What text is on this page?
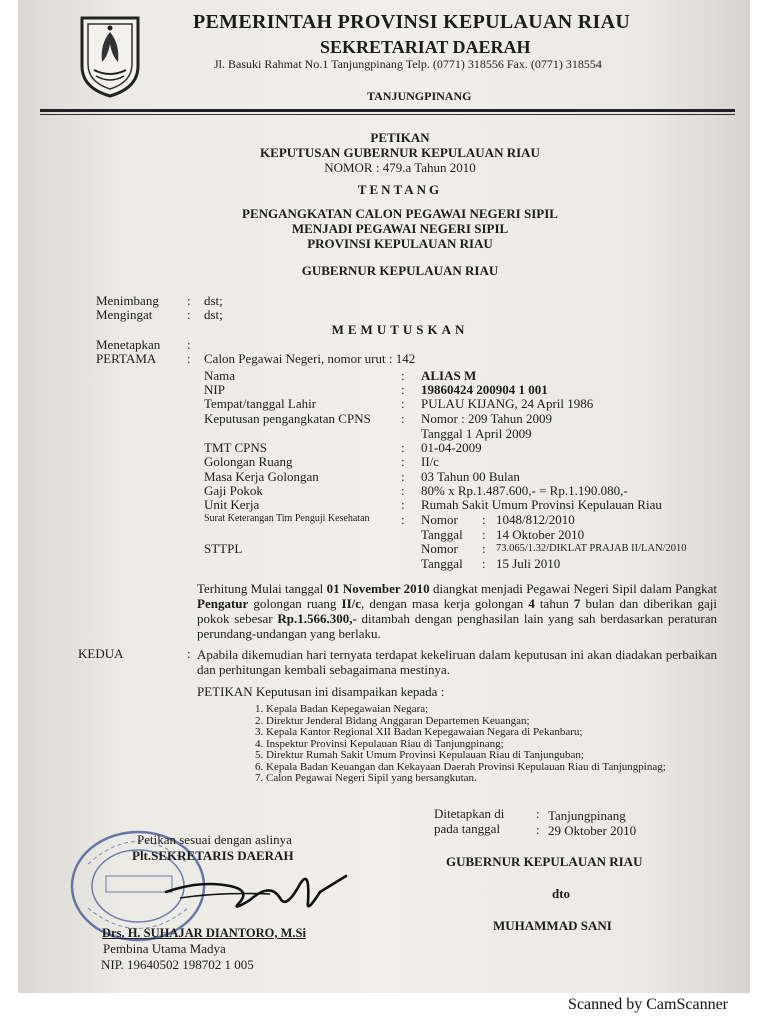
PEMERINTAH PROVINSI KEPULAUAN RIAU
SEKRETARIAT DAERAH
Jl. Basuki Rahmat No.1 Tanjungpinang Telp. (0771) 318556 Fax. (0771) 318554
TANJUNGPINANG
PETIKAN
KEPUTUSAN GUBERNUR KEPULAUAN RIAU
NOMOR : 479.a Tahun 2010
TENTANG
PENGANGKATAN CALON PEGAWAI NEGERI SIPIL
MENJADI PEGAWAI NEGERI SIPIL
PROVINSI KEPULAUAN RIAU
GUBERNUR KEPULAUAN RIAU
Menimbang : dst;
Mengingat	: dst;
MEMUTUSKAN
Menetapkan :
PERTAMA : Calon Pegawai Negeri, nomor urut : 142
Nama	: ALIAS M
NIP	: 19860424 200904 1 001
Tempat/tanggal Lahir	: PULAU KIJANG, 24 April 1986
Keputusan pengangkatan CPNS : Nomor : 209 Tahun 2009
Tanggal 1 April 2009
TMT CPNS	: 01-04-2009
Golongan Ruang	: II/c
Masa Kerja Golongan	: 03 Tahun 00 Bulan
Gaji Pokok	: 80% x Rp.1.487.600,- = Rp.1.190.080,-
Unit Kerja	: Rumah Sakit Umum Provinsi Kepulauan Riau
Surat Keterangan Tim Penguji Kesehatan : Nomor : 1048/812/2010
Tanggal : 14 Oktober 2010
STTPL	Nomor : 73.065/1.32/DIKLAT PRAJAB II/LAN/2010
Tanggal : 15 Juli 2010
Terhitung Mulai tanggal 01 November 2010 diangkat menjadi Pegawai Negeri Sipil dalam Pangkat Pengatur golongan ruang II/c, dengan masa kerja golongan 4 tahun 7 bulan dan diberikan gaji pokok sebesar Rp.1.566.300,- ditambah dengan penghasilan lain yang sah berdasarkan peraturan perundang-undangan yang berlaku.
KEDUA	: Apabila dikemudian hari ternyata terdapat kekeliruan dalam keputusan ini akan diadakan perbaikan dan perhitungan kembali sebagaimana mestinya.
PETIKAN Keputusan ini disampaikan kepada :
1. Kepala Badan Kepegawaian Negara;
2. Direktur Jenderal Bidang Anggaran Departemen Keuangan;
3. Kepala Kantor Regional XII Badan Kepegawaian Negara di Pekanbaru;
4. Inspektur Provinsi Kepulauan Riau di Tanjungpinang;
5. Direktur Rumah Sakit Umum Provinsi Kepulauan Riau di Tanjunguban;
6. Kepala Badan Keuangan dan Kekayaan Daerah Provinsi Kepulauan Riau di Tanjungpinag;
7. Calon Pegawai Negeri Sipil yang bersangkutan.
Ditetapkan di : Tanjungpinang
pada tanggal	: 29 Oktober 2010
GUBERNUR KEPULAUAN RIAU
dto
MUHAMMAD SANI
Petikan sesuai dengan aslinya
Plt.SEKRETARIS DAERAH
Drs. H. SUHAJAR DIANTORO, M.Si
Pembina Utama Madya
NIP. 19640502 198702 1 005
Scanned by CamScanner
